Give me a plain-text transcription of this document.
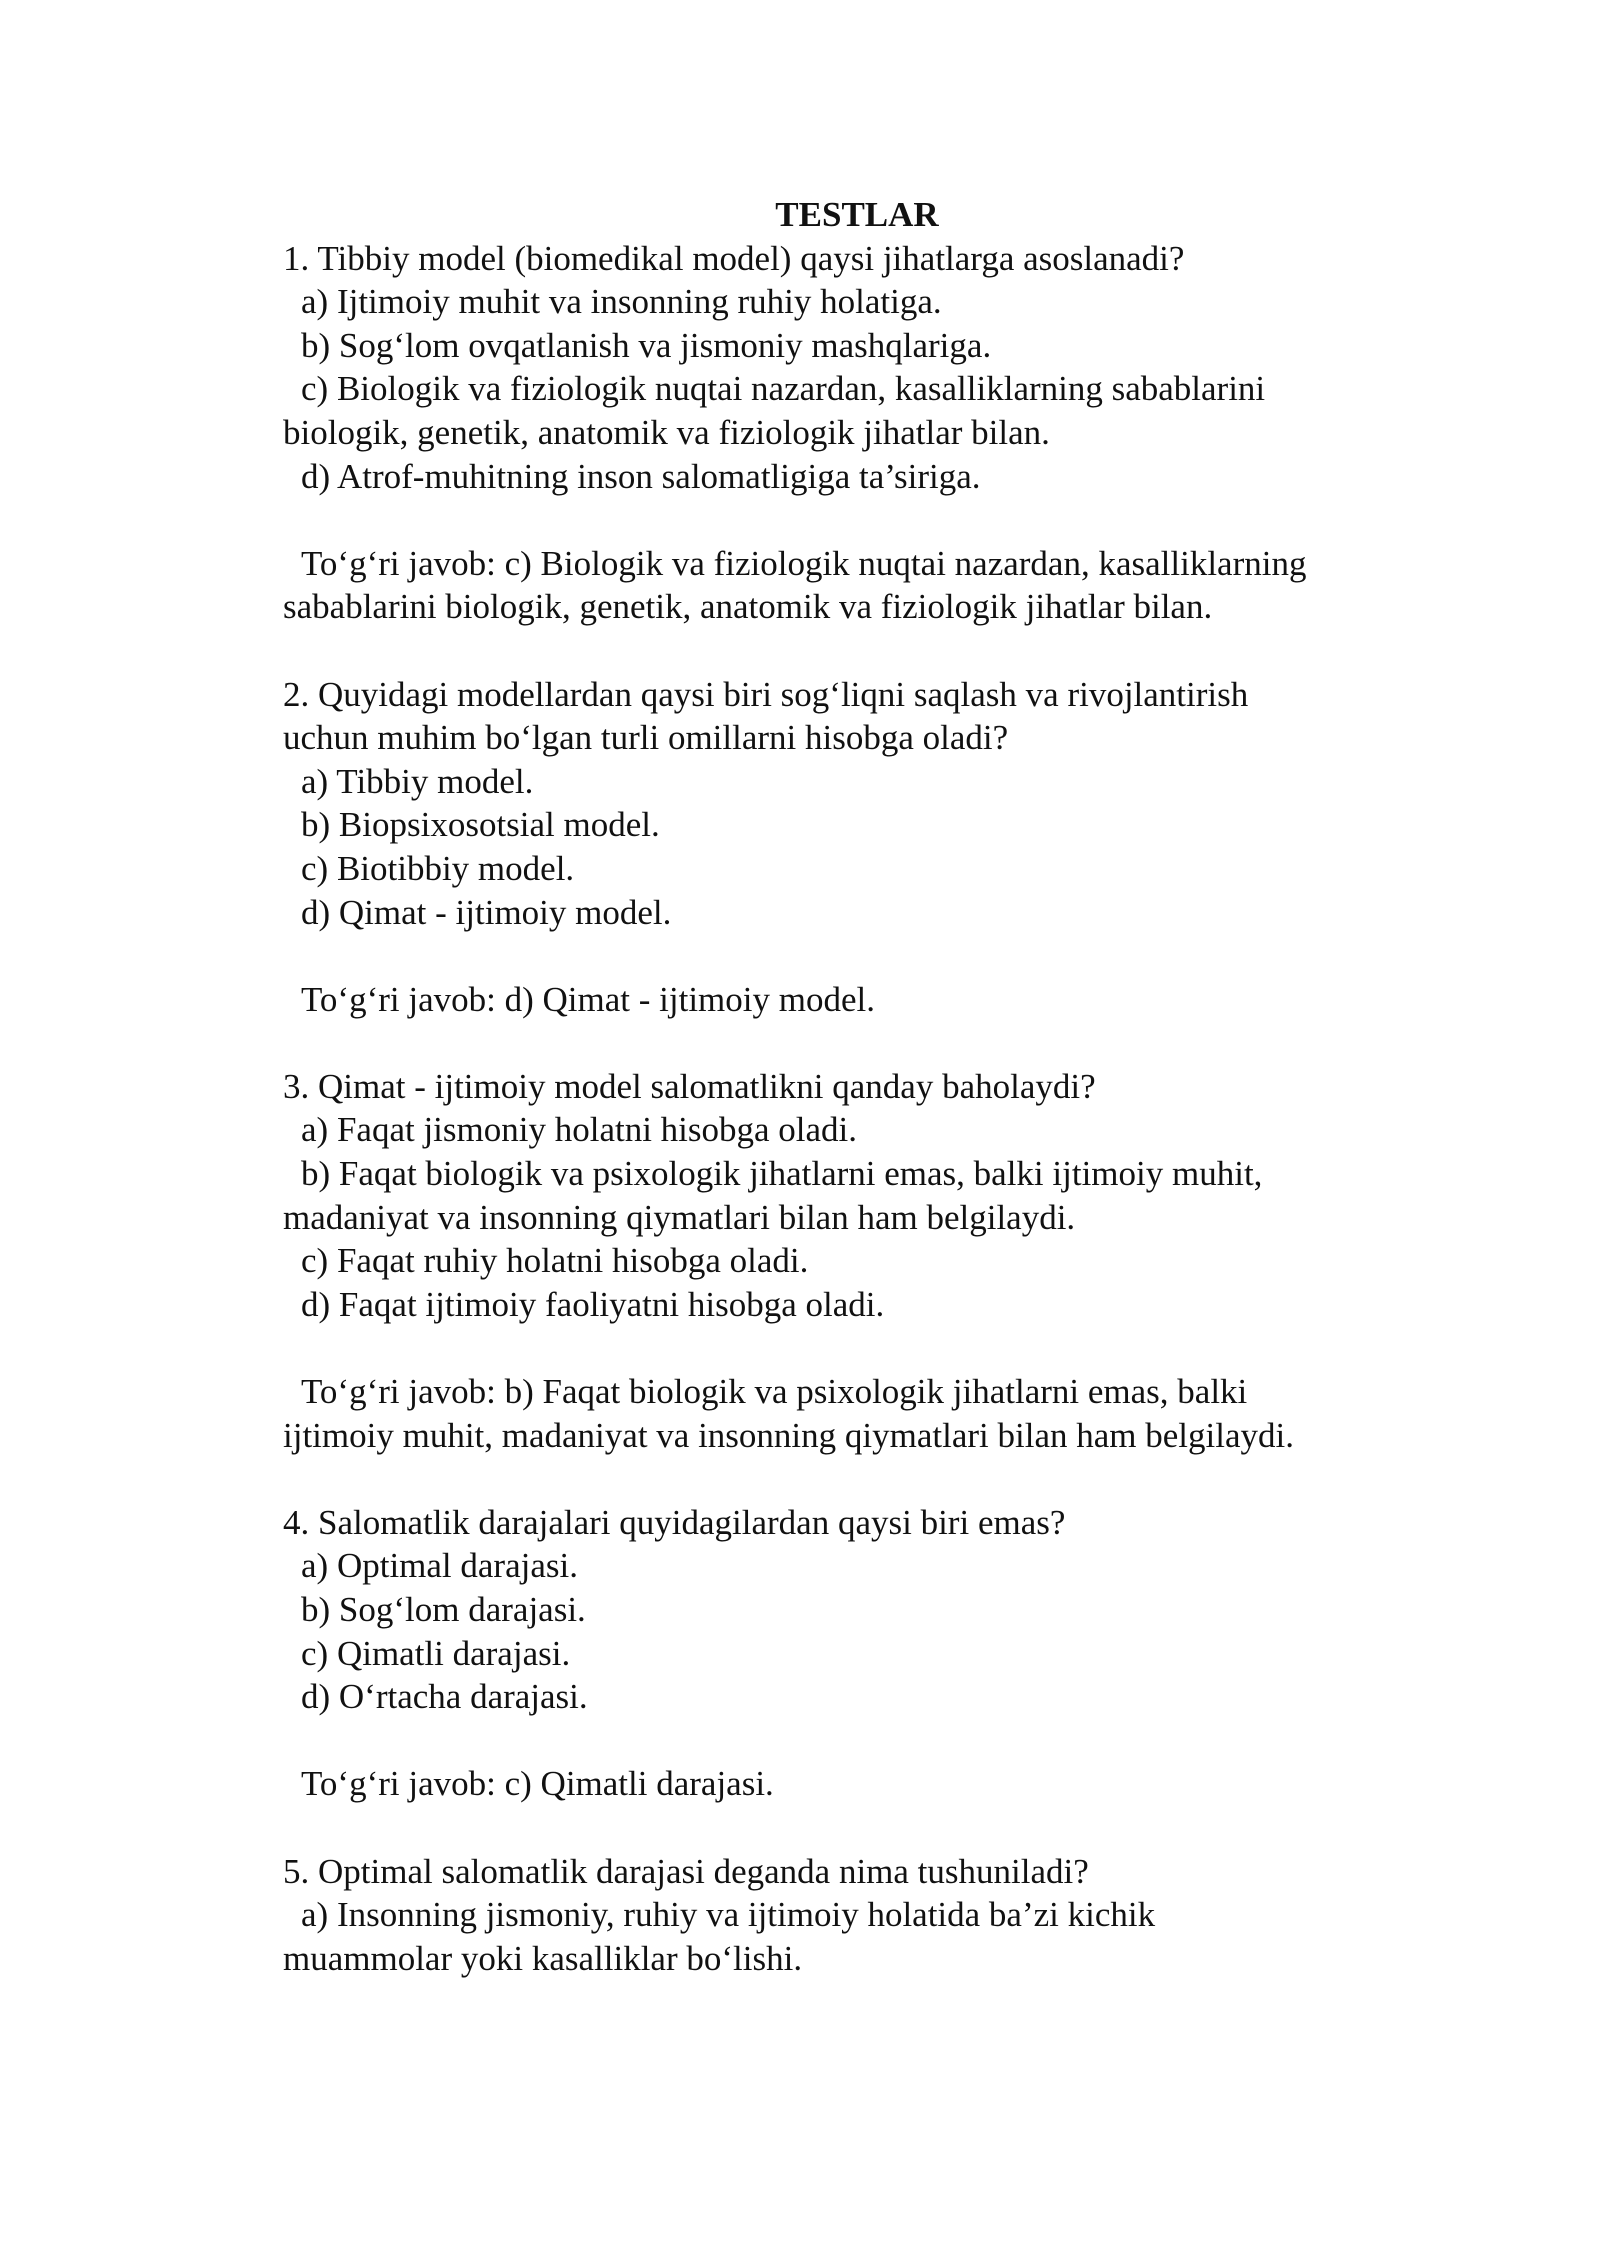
TESTLAR

1. Tibbiy model (biomedikal model) qaysi jihatlarga asoslanadi?

a) Ijtimoiy muhit va insonning ruhiy holatiga.

b) Sog‘lom ovqatlanish va jismoniy mashqlariga.

c) Biologik va fiziologik nuqtai nazardan, kasalliklarning sabablarini

biologik, genetik, anatomik va fiziologik jihatlar bilan.

d) Atrof-muhitning inson salomatligiga ta’siriga.

To‘g‘ri javob: c) Biologik va fiziologik nuqtai nazardan, kasalliklarning

sabablarini biologik, genetik, anatomik va fiziologik jihatlar bilan.

2. Quyidagi modellardan qaysi biri sog‘liqni saqlash va rivojlantirish

uchun muhim bo‘lgan turli omillarni hisobga oladi?

a) Tibbiy model.

b) Biopsixosotsial model.

c) Biotibbiy model.

d) Qimat - ijtimoiy model.

To‘g‘ri javob: d) Qimat - ijtimoiy model.

3. Qimat - ijtimoiy model salomatlikni qanday baholaydi?

a) Faqat jismoniy holatni hisobga oladi.

b) Faqat biologik va psixologik jihatlarni emas, balki ijtimoiy muhit,

madaniyat va insonning qiymatlari bilan ham belgilaydi.

c) Faqat ruhiy holatni hisobga oladi.

d) Faqat ijtimoiy faoliyatni hisobga oladi.

To‘g‘ri javob: b) Faqat biologik va psixologik jihatlarni emas, balki

ijtimoiy muhit, madaniyat va insonning qiymatlari bilan ham belgilaydi.

4. Salomatlik darajalari quyidagilardan qaysi biri emas?

a) Optimal darajasi.

b) Sog‘lom darajasi.

c) Qimatli darajasi.

d) O‘rtacha darajasi.

To‘g‘ri javob: c) Qimatli darajasi.

5. Optimal salomatlik darajasi deganda nima tushuniladi?

a) Insonning jismoniy, ruhiy va ijtimoiy holatida ba’zi kichik

muammolar yoki kasalliklar bo‘lishi.
